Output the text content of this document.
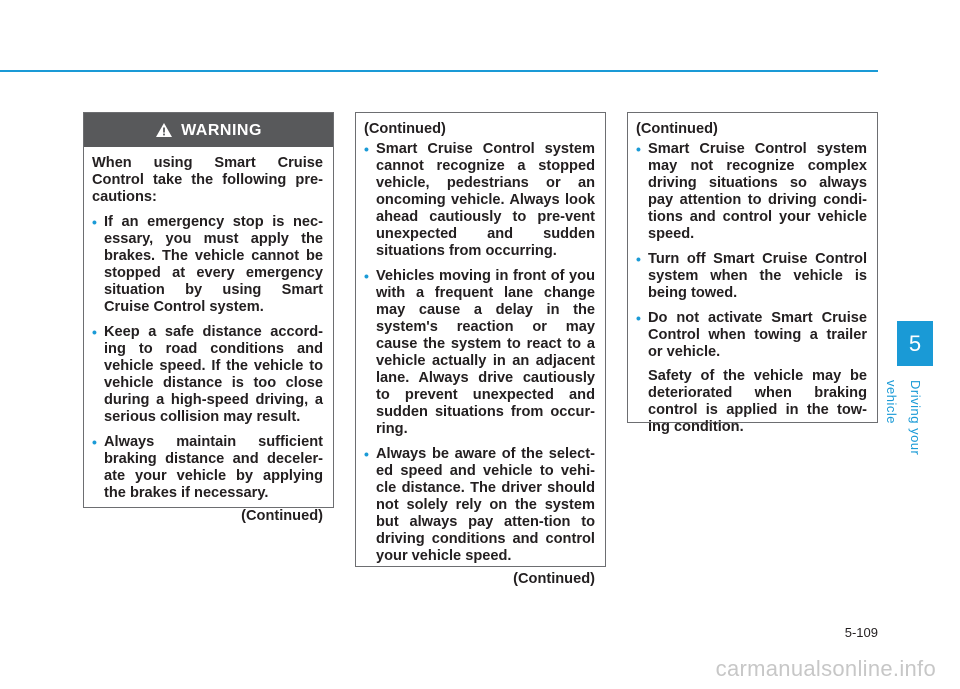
WARNING

When using Smart Cruise Control take the following pre-cautions:

• If an emergency stop is nec-essary, you must apply the brakes. The vehicle cannot be stopped at every emergency situation by using Smart Cruise Control system.
• Keep a safe distance accord-ing to road conditions and vehicle speed. If the vehicle to vehicle distance is too close during a high-speed driving, a serious collision may result.
• Always maintain sufficient braking distance and deceler-ate your vehicle by applying the brakes if necessary.
(Continued)
(Continued)
• Smart Cruise Control system cannot recognize a stopped vehicle, pedestrians or an oncoming vehicle. Always look ahead cautiously to pre-vent unexpected and sudden situations from occurring.
• Vehicles moving in front of you with a frequent lane change may cause a delay in the system's reaction or may cause the system to react to a vehicle actually in an adjacent lane. Always drive cautiously to prevent unexpected and sudden situations from occur-ring.
• Always be aware of the select-ed speed and vehicle to vehi-cle distance. The driver should not solely rely on the system but always pay atten-tion to driving conditions and control your vehicle speed.
(Continued)
(Continued)
• Smart Cruise Control system may not recognize complex driving situations so always pay attention to driving condi-tions and control your vehicle speed.
• Turn off Smart Cruise Control system when the vehicle is being towed.
• Do not activate Smart Cruise Control when towing a trailer or vehicle.
Safety of the vehicle may be deteriorated when braking control is applied in the tow-ing condition.
5
Driving your vehicle
5-109
carmanualsonline.info
